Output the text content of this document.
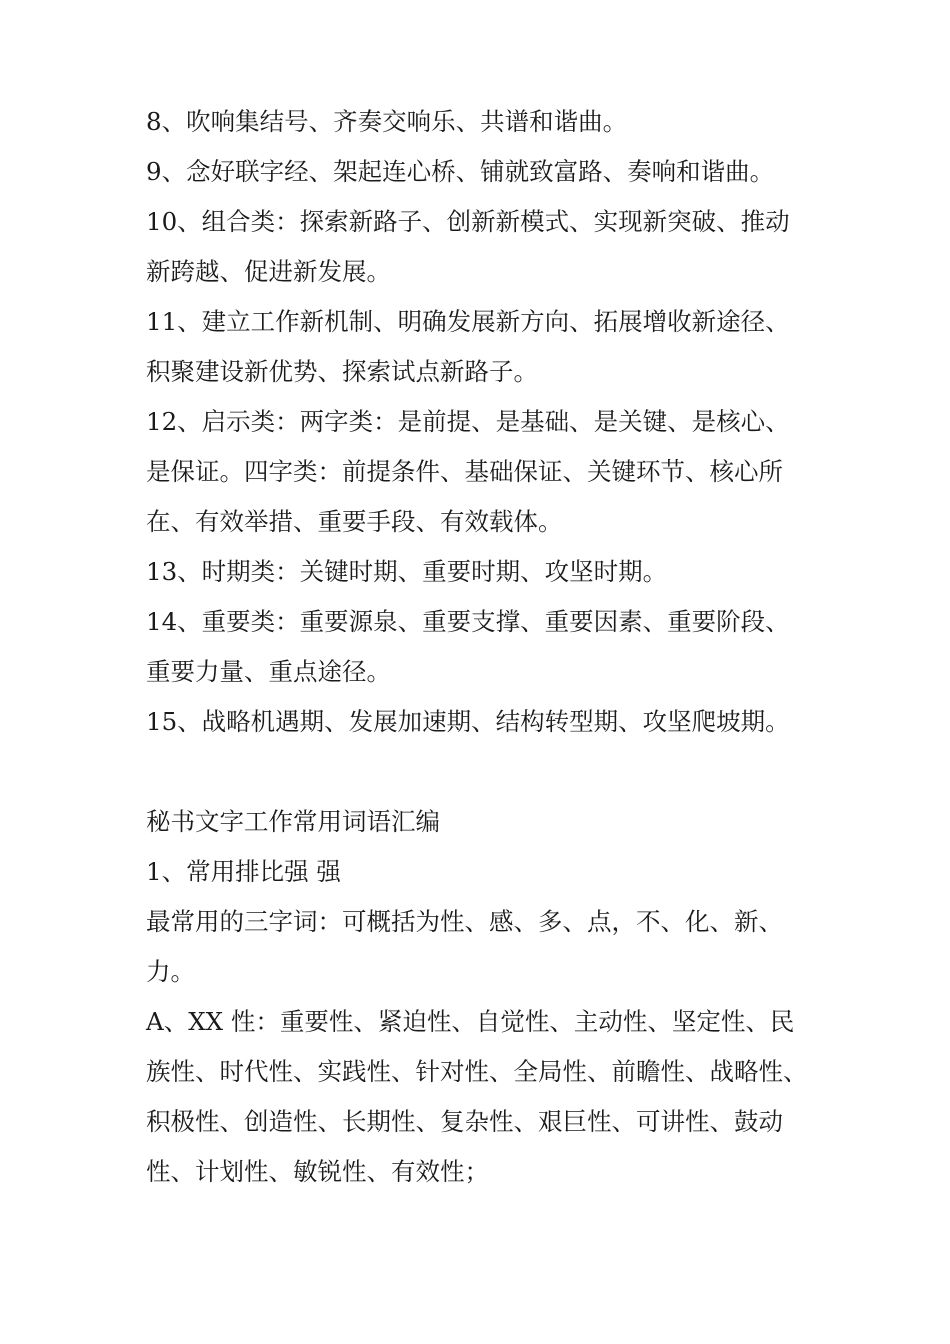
8、吹响集结号、齐奏交响乐、共谱和谐曲。
9、念好联字经、架起连心桥、铺就致富路、奏响和谐曲。
10、组合类：探索新路子、创新新模式、实现新突破、推动
新跨越、促进新发展。
11、建立工作新机制、明确发展新方向、拓展增收新途径、
积聚建设新优势、探索试点新路子。
12、启示类：两字类：是前提、是基础、是关键、是核心、
是保证。四字类：前提条件、基础保证、关键环节、核心所
在、有效举措、重要手段、有效载体。
13、时期类：关键时期、重要时期、攻坚时期。
14、重要类：重要源泉、重要支撑、重要因素、重要阶段、
重要力量、重点途径。
15、战略机遇期、发展加速期、结构转型期、攻坚爬坡期。
秘书文字工作常用词语汇编
1、常用排比强 强
最常用的三字词：可概括为性、感、多、点，不、化、新、
力。
A、XX 性：重要性、紧迫性、自觉性、主动性、坚定性、民
族性、时代性、实践性、针对性、全局性、前瞻性、战略性、
积极性、创造性、长期性、复杂性、艰巨性、可讲性、鼓动
性、计划性、敏锐性、有效性；
